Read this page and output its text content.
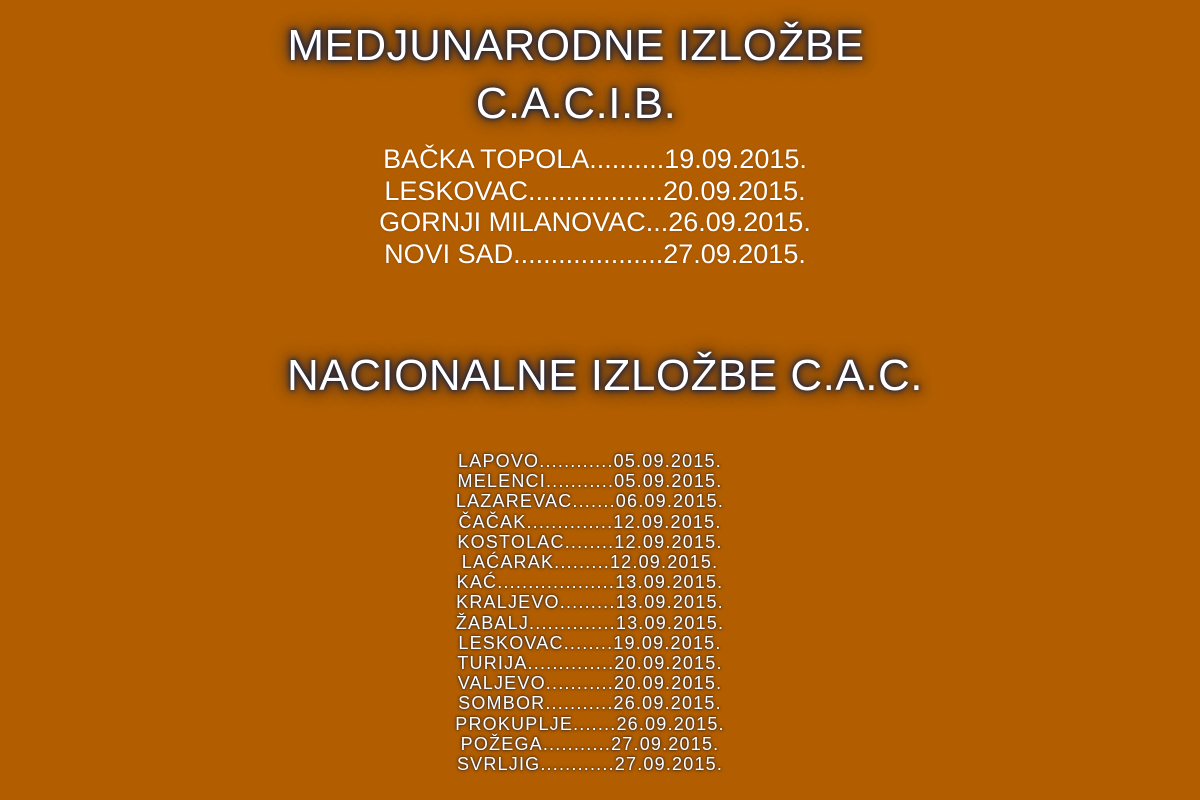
MEDJUNARODNE IZLOŽBE
C.A.C.I.B.
BAČKA TOPOLA..........19.09.2015.
LESKOVAC..................20.09.2015.
GORNJI MILANOVAC...26.09.2015.
NOVI SAD....................27.09.2015.
NACIONALNE IZLOŽBE C.A.C.
LAPOVO............05.09.2015.
MELENCI...........05.09.2015.
LAZAREVAC.......06.09.2015.
ČAČAK..............12.09.2015.
KOSTOLAC........12.09.2015.
LAĆARAK.........12.09.2015.
KAĆ...................13.09.2015.
KRALJEVO.........13.09.2015.
ŽABALJ..............13.09.2015.
LESKOVAC........19.09.2015.
TURIJA..............20.09.2015.
VALJEVO...........20.09.2015.
SOMBOR...........26.09.2015.
PROKUPLJE.......26.09.2015.
POŽEGA...........27.09.2015.
SVRLJIG............27.09.2015.
